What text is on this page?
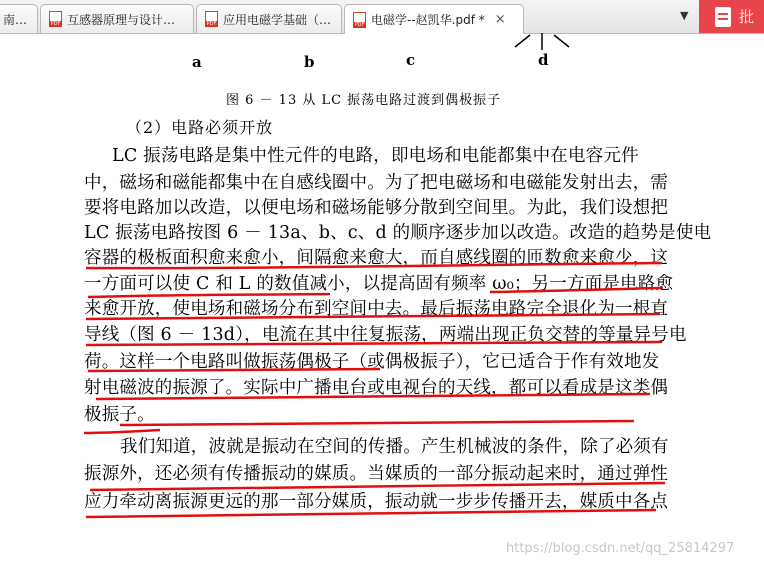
南…	PDF 互感器原理与设计…	PDF 应用电磁学基础（…	PDF 电磁学--赵凯华.pdf * ×	▼	批
a	b	c	d
图 6 － 13 从 LC 振荡电路过渡到偶极振子
（2）电路必须开放
LC 振荡电路是集中性元件的电路，即电场和电能都集中在电容元件
中，磁场和磁能都集中在自感线圈中。为了把电磁场和电磁能发射出去，需
要将电路加以改造，以便电场和磁场能够分散到空间里。为此，我们设想把
LC 振荡电路按图 6 － 13a、b、c、d 的顺序逐步加以改造。改造的趋势是使电
容器的极板面积愈来愈小，间隔愈来愈大，而自感线圈的匝数愈来愈少，这
一方面可以使 C 和 L 的数值减小，以提高固有频率 ω₀；另一方面是电路愈
来愈开放，使电场和磁场分布到空间中去。最后振荡电路完全退化为一根直
导线（图 6 － 13d），电流在其中往复振荡，两端出现正负交替的等量异号电
荷。这样一个电路叫做振荡偶极子（或偶极振子），它已适合于作有效地发
射电磁波的振源了。实际中广播电台或电视台的天线，都可以看成是这类偶
极振子。
我们知道，波就是振动在空间的传播。产生机械波的条件，除了必须有
振源外，还必须有传播振动的媒质。当媒质的一部分振动起来时，通过弹性
应力牵动离振源更远的那一部分媒质，振动就一步步传播开去，媒质中各点
https://blog.csdn.net/qq_25814297
